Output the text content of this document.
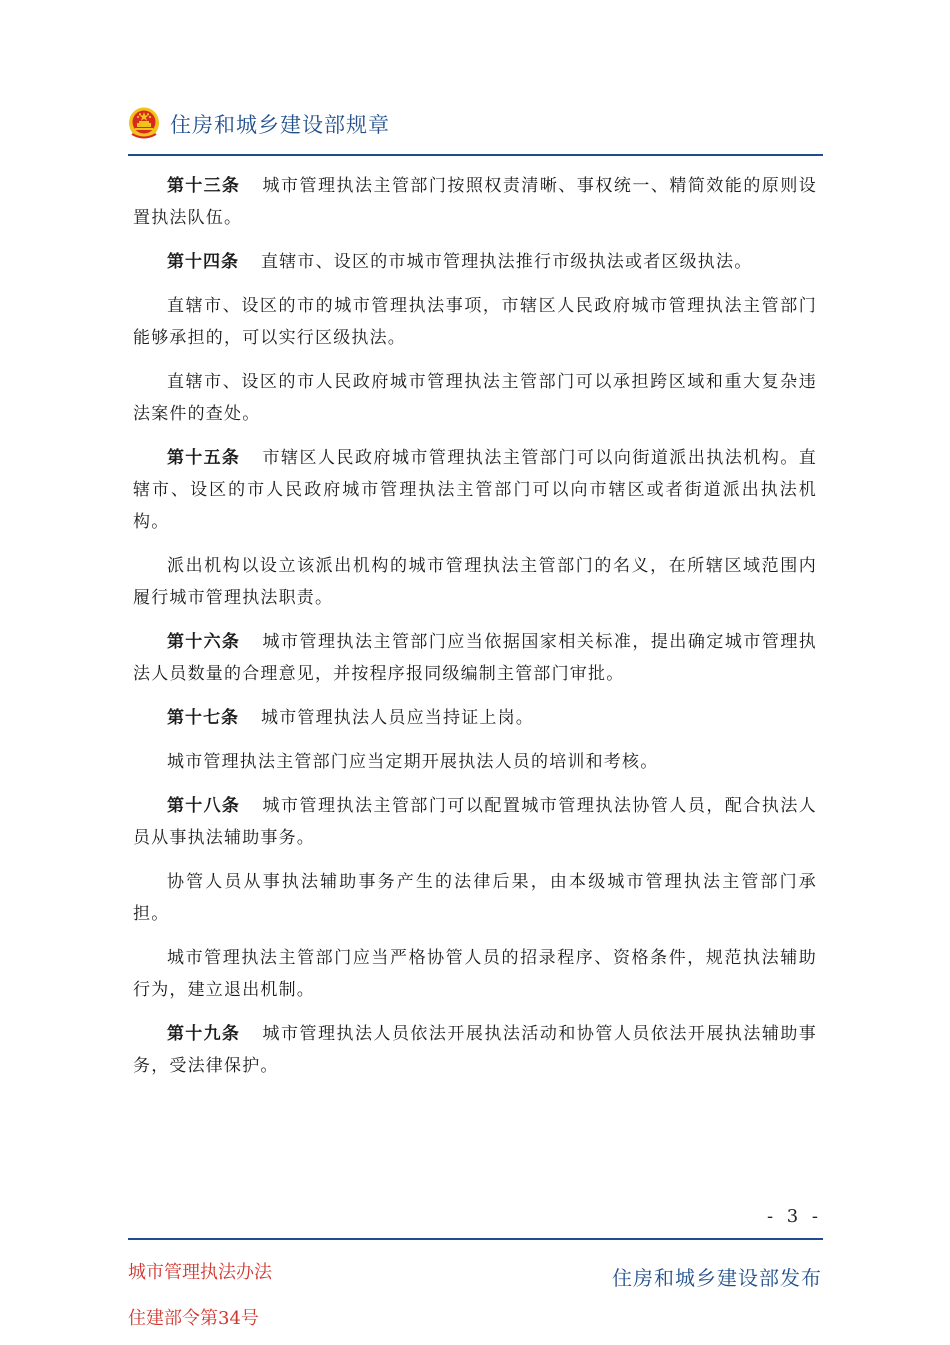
住房和城乡建设部规章

第十三条 城市管理执法主管部门按照权责清晰、事权统一、精简效能的原则设置执法队伍。

第十四条 直辖市、设区的市城市管理执法推行市级执法或者区级执法。

直辖市、设区的市的城市管理执法事项，市辖区人民政府城市管理执法主管部门能够承担的，可以实行区级执法。

直辖市、设区的市人民政府城市管理执法主管部门可以承担跨区域和重大复杂违法案件的查处。

第十五条 市辖区人民政府城市管理执法主管部门可以向街道派出执法机构。直辖市、设区的市人民政府城市管理执法主管部门可以向市辖区或者街道派出执法机构。

派出机构以设立该派出机构的城市管理执法主管部门的名义，在所辖区域范围内履行城市管理执法职责。

第十六条 城市管理执法主管部门应当依据国家相关标准，提出确定城市管理执法人员数量的合理意见，并按程序报同级编制主管部门审批。

第十七条 城市管理执法人员应当持证上岗。

城市管理执法主管部门应当定期开展执法人员的培训和考核。

第十八条 城市管理执法主管部门可以配置城市管理执法协管人员，配合执法人员从事执法辅助事务。

协管人员从事执法辅助事务产生的法律后果，由本级城市管理执法主管部门承担。

城市管理执法主管部门应当严格协管人员的招录程序、资格条件，规范执法辅助行为，建立退出机制。

第十九条 城市管理执法人员依法开展执法活动和协管人员依法开展执法辅助事务，受法律保护。

- 3 -
城市管理执法办法
住建部令第34号
住房和城乡建设部发布
